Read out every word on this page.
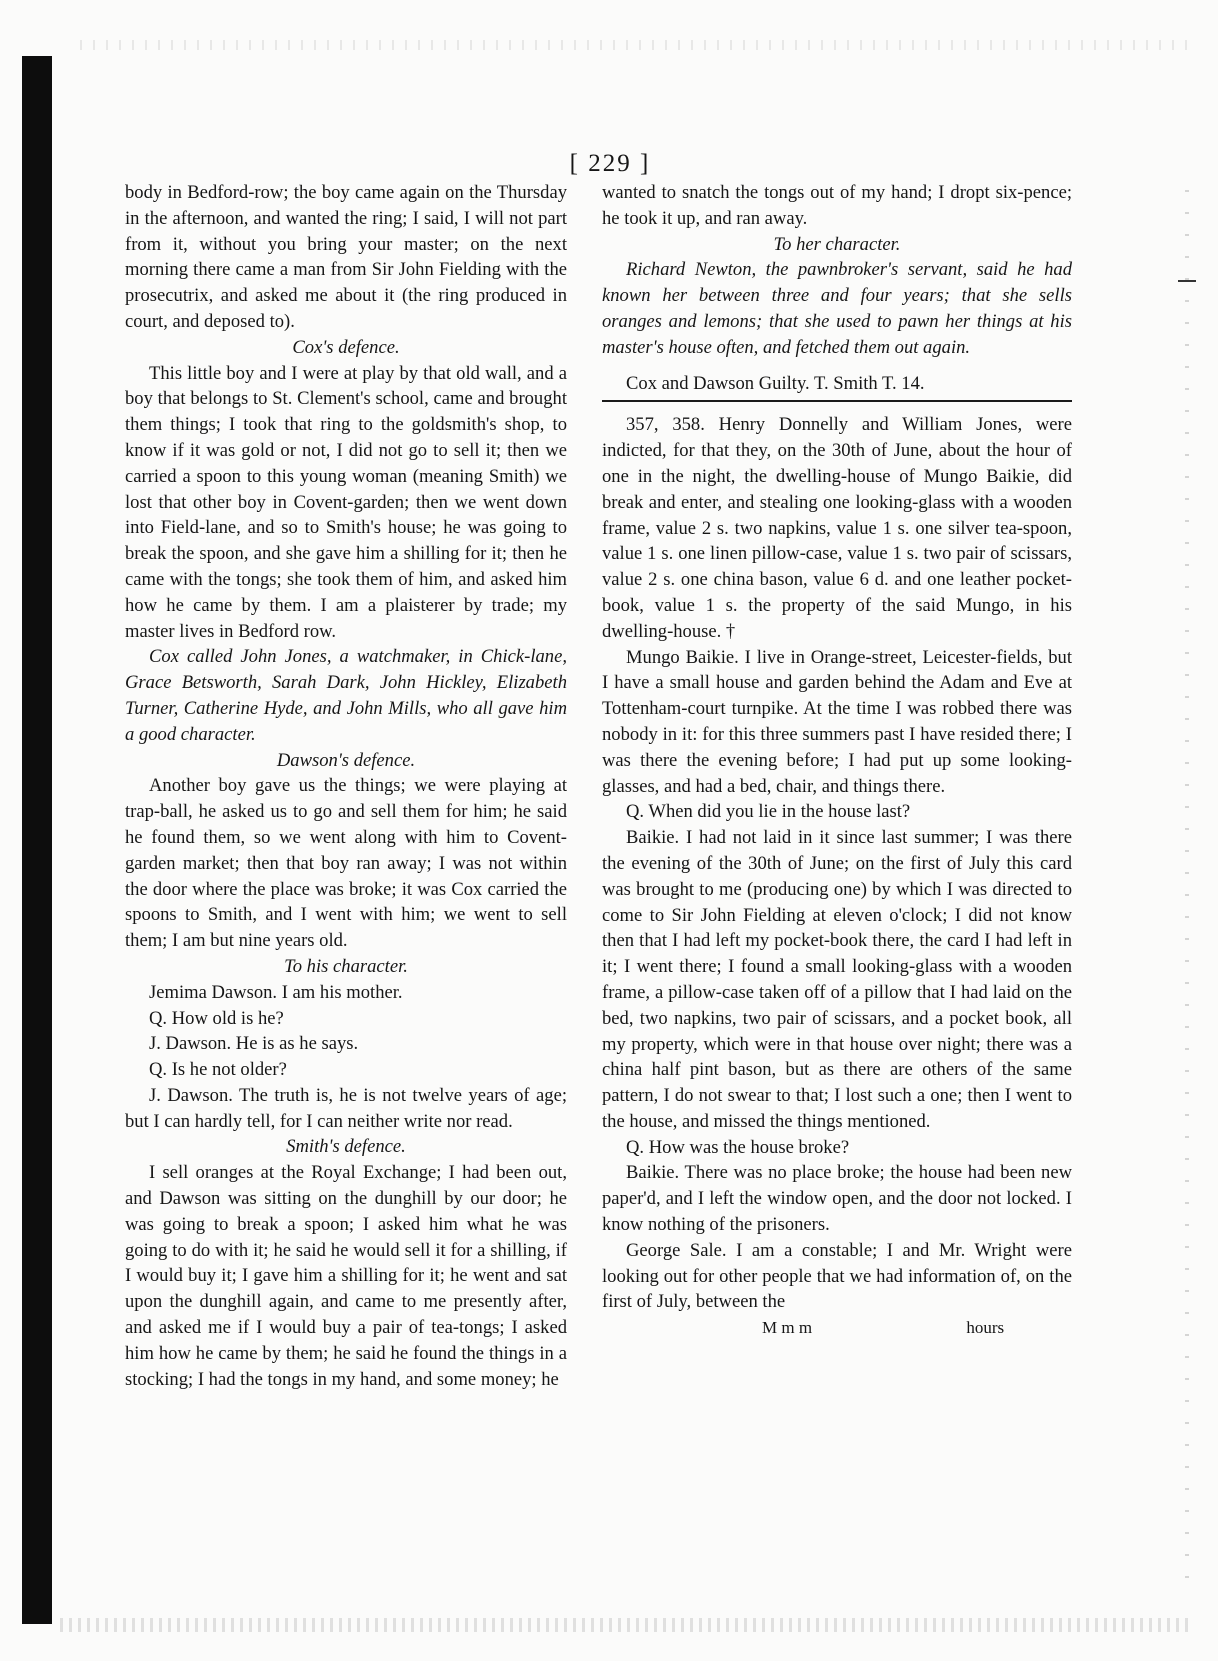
[ 229 ]
body in Bedford-row; the boy came again on the Thursday in the afternoon, and wanted the ring; I said, I will not part from it, without you bring your master; on the next morning there came a man from Sir John Fielding with the prosecutrix, and asked me about it (the ring produced in court, and deposed to).
Cox's defence.
This little boy and I were at play by that old wall, and a boy that belongs to St. Clement's school, came and brought them things; I took that ring to the goldsmith's shop, to know if it was gold or not, I did not go to sell it; then we carried a spoon to this young woman (meaning Smith) we lost that other boy in Covent-garden; then we went down into Field-lane, and so to Smith's house; he was going to break the spoon, and she gave him a shilling for it; then he came with the tongs; she took them of him, and asked him how he came by them. I am a plaisterer by trade; my master lives in Bedford row.
Cox called John Jones, a watchmaker, in Chick-lane, Grace Betsworth, Sarah Dark, John Hickley, Elizabeth Turner, Catherine Hyde, and John Mills, who all gave him a good character.
Dawson's defence.
Another boy gave us the things; we were playing at trap-ball, he asked us to go and sell them for him; he said he found them, so we went along with him to Covent-garden market; then that boy ran away; I was not within the door where the place was broke; it was Cox carried the spoons to Smith, and I went with him; we went to sell them; I am but nine years old.
To his character.
Jemima Dawson. I am his mother.
Q. How old is he?
J. Dawson. He is as he says.
Q. Is he not older?
J. Dawson. The truth is, he is not twelve years of age; but I can hardly tell, for I can neither write nor read.
Smith's defence.
I sell oranges at the Royal Exchange; I had been out, and Dawson was sitting on the dunghill by our door; he was going to break a spoon; I asked him what he was going to do with it; he said he would sell it for a shilling, if I would buy it; I gave him a shilling for it; he went and sat upon the dunghill again, and came to me presently after, and asked me if I would buy a pair of tea-tongs; I asked him how he came by them; he said he found the things in a stocking; I had the tongs in my hand, and some money; he
wanted to snatch the tongs out of my hand; I dropt six-pence; he took it up, and ran away.
To her character.
Richard Newton, the pawnbroker's servant, said he had known her between three and four years; that she sells oranges and lemons; that she used to pawn her things at his master's house often, and fetched them out again.
Cox and Dawson Guilty. T. Smith T. 14.
357, 358. Henry Donnelly and William Jones, were indicted, for that they, on the 30th of June, about the hour of one in the night, the dwelling-house of Mungo Baikie, did break and enter, and stealing one looking-glass with a wooden frame, value 2 s. two napkins, value 1 s. one silver tea-spoon, value 1 s. one linen pillow-case, value 1 s. two pair of scissars, value 2 s. one china bason, value 6 d. and one leather pocket-book, value 1 s. the property of the said Mungo, in his dwelling-house. †
Mungo Baikie. I live in Orange-street, Leicester-fields, but I have a small house and garden behind the Adam and Eve at Tottenham-court turnpike. At the time I was robbed there was nobody in it: for this three summers past I have resided there; I was there the evening before; I had put up some looking-glasses, and had a bed, chair, and things there.
Q. When did you lie in the house last?
Baikie. I had not laid in it since last summer; I was there the evening of the 30th of June; on the first of July this card was brought to me (producing one) by which I was directed to come to Sir John Fielding at eleven o'clock; I did not know then that I had left my pocket-book there, the card I had left in it; I went there; I found a small looking-glass with a wooden frame, a pillow-case taken off of a pillow that I had laid on the bed, two napkins, two pair of scissars, and a pocket book, all my property, which were in that house over night; there was a china half pint bason, but as there are others of the same pattern, I do not swear to that; I lost such a one; then I went to the house, and missed the things mentioned.
Q. How was the house broke?
Baikie. There was no place broke; the house had been new paper'd, and I left the window open, and the door not locked. I know nothing of the prisoners.
George Sale. I am a constable; I and Mr. Wright were looking out for other people that we had information of, on the first of July, between the
M m m	hours
